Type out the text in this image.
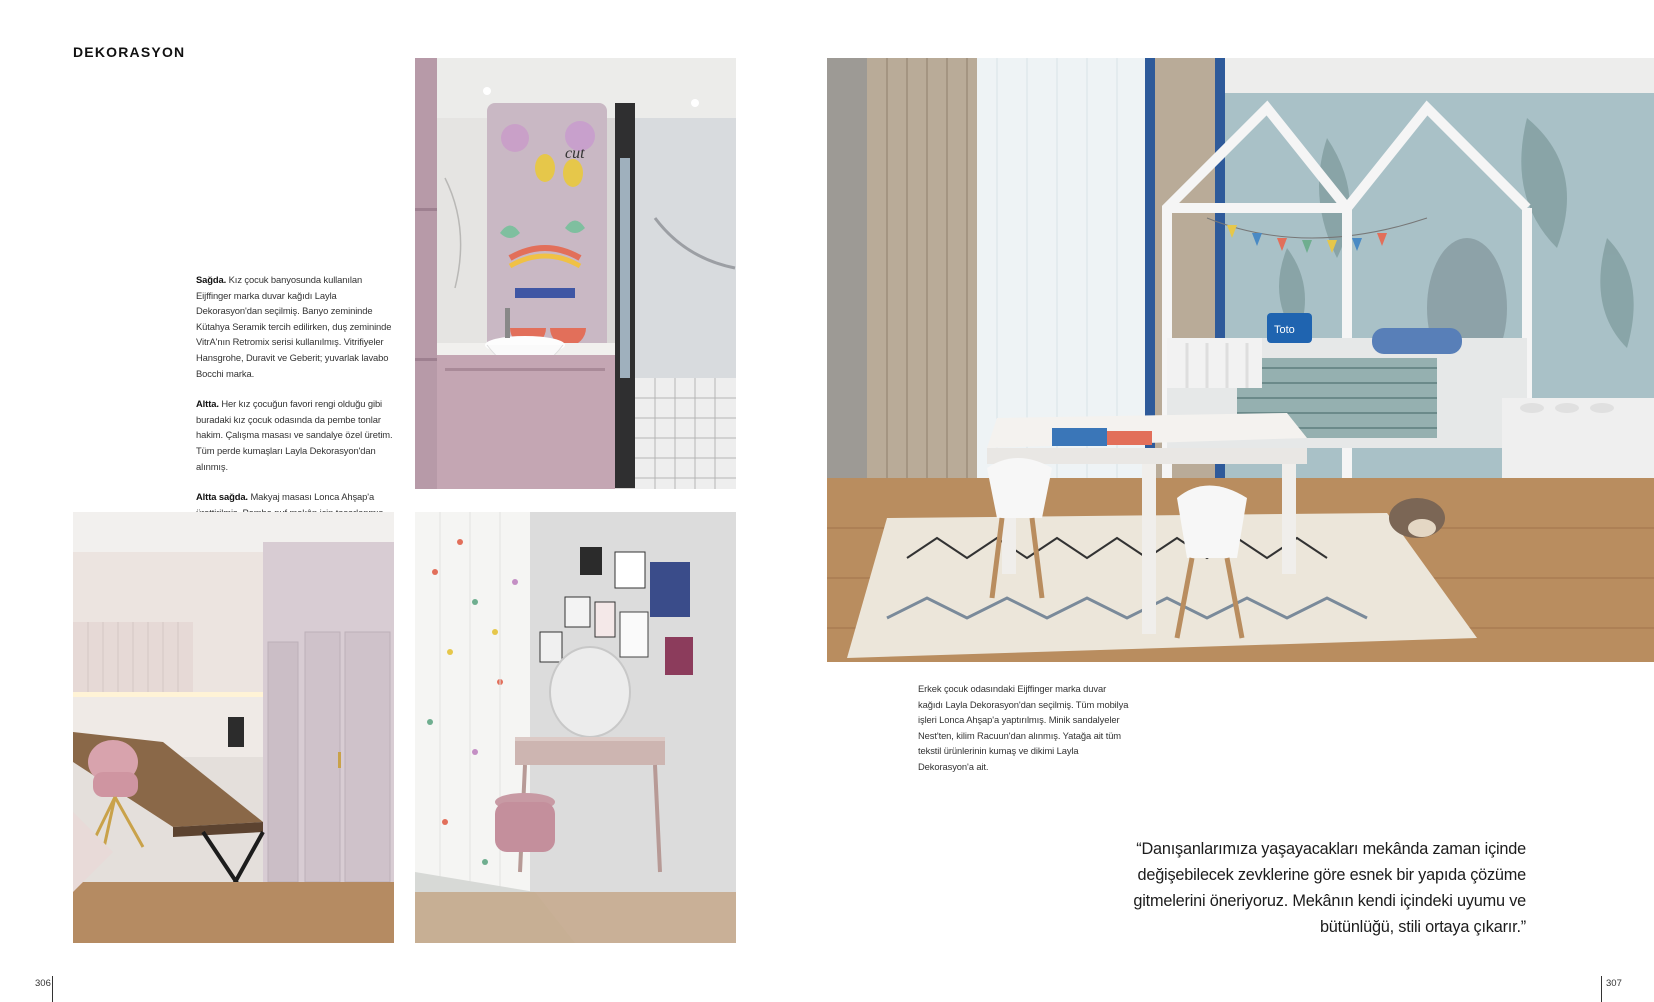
DEKORASYON
cut

Sağda. Kız çocuk banyosunda kullanılan Eijffinger marka duvar kağıdı Layla Dekorasyon'dan seçilmiş. Banyo zemininde Kütahya Seramik tercih edilirken, duş zemininde VitrA'nın Retromix serisi kullanılmış. Vitrifiyeler Hansgrohe, Duravit ve Geberit; yuvarlak lavabo Bocchi marka.

Altta. Her kız çocuğun favori rengi olduğu gibi buradaki kız çocuk odasında da pembe tonlar hakim. Çalışma masası ve sandalye özel üretim. Tüm perde kumaşları Layla Dekorasyon'dan alınmış.

Altta sağda. Makyaj masası Lonca Ahşap'a

Toto
Erkek çocuk odasındaki Eijffinger marka duvar kağıdı Layla Dekorasyon'dan seçilmiş. Tüm mobilya işleri Lonca Ahşap'a yaptırılmış. Minik sandalyeler Nest'ten, kilim Racuun'dan alınmış. Yatağa ait tüm tekstil ürünlerinin kumaş ve dikimi Layla Dekorasyon'a ait.
“Danışanlarımıza yaşayacakları mekânda zaman içinde değişebilecek zevklerine göre esnek bir yapıda çözüme gitmelerini öneriyoruz. Mekânın kendi içindeki uyumu ve bütünlüğü, stili ortaya çıkarır.”
306	307
